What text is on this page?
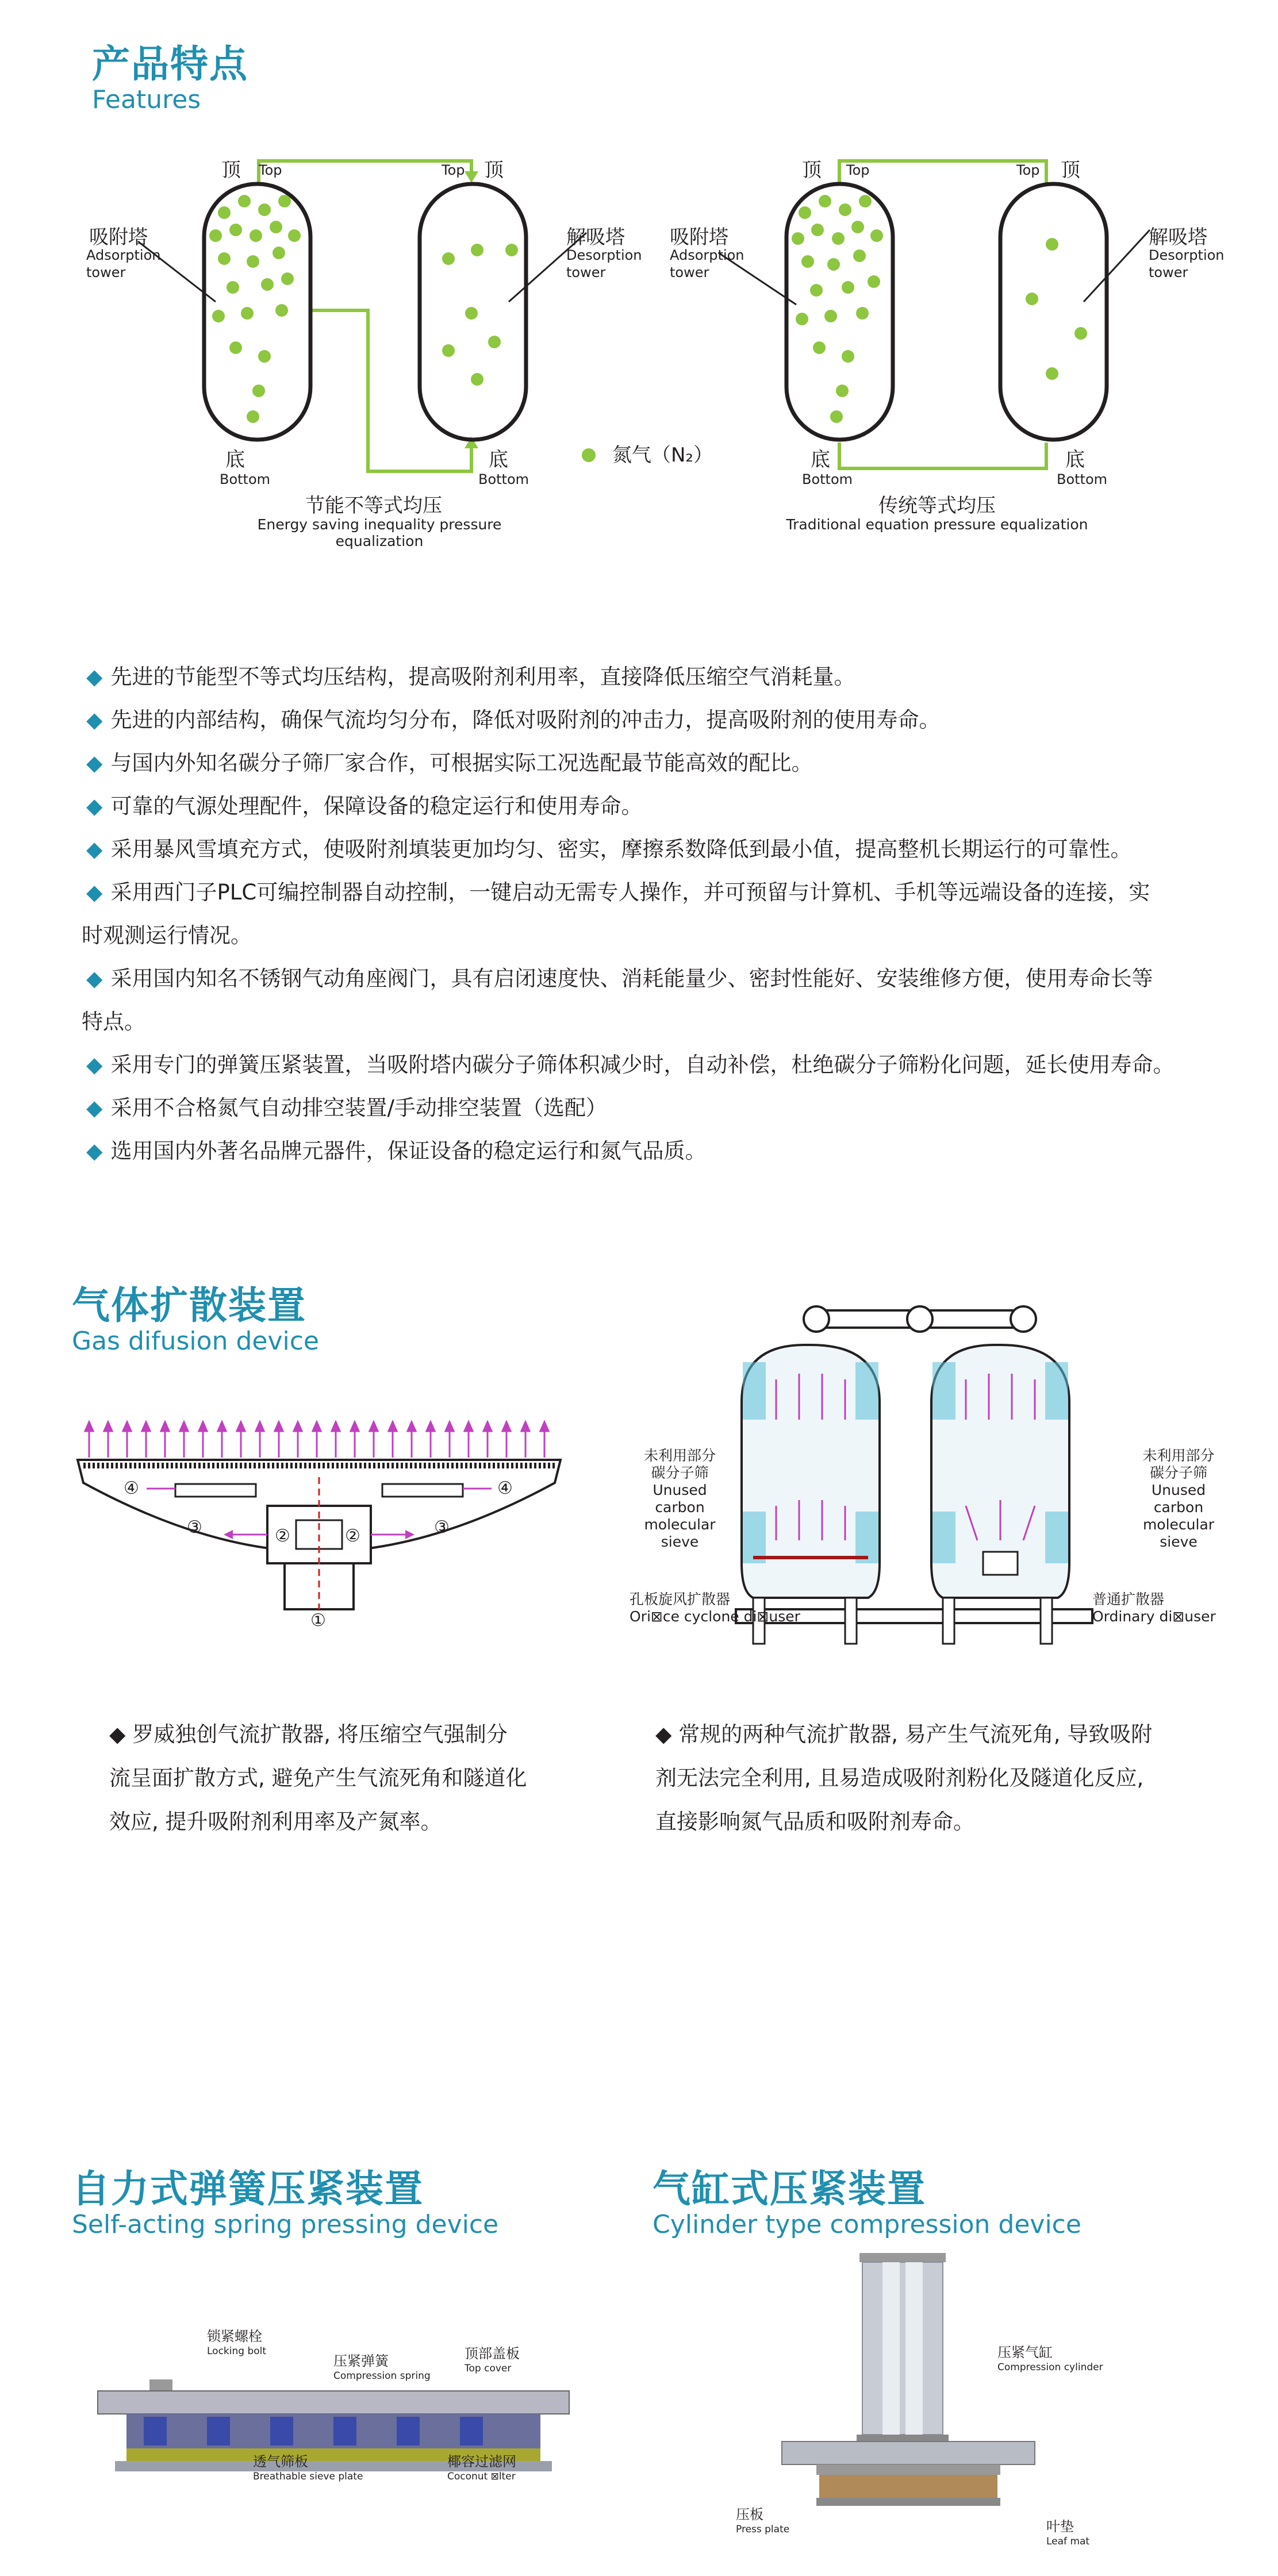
产品特点
Features
顶 Top	Top 顶
吸附塔
Adsorption
tower
解吸塔
Desorption
tower
底
Bottom
底
Bottom
节能不等式均压
Energy saving inequality pressure equalization
氮气（N₂）
顶 Top	Top 顶
吸附塔
Adsorption
tower
解吸塔
Desorption
tower
底
Bottom
底
Bottom
传统等式均压
Traditional equation pressure equalization
◆ 先进的节能型不等式均压结构，提高吸附剂利用率，直接降低压缩空气消耗量。
◆ 先进的内部结构，确保气流均匀分布，降低对吸附剂的冲击力，提高吸附剂的使用寿命。
◆ 与国内外知名碳分子筛厂家合作，可根据实际工况选配最节能高效的配比。
◆ 可靠的气源处理配件，保障设备的稳定运行和使用寿命。
◆ 采用暴风雪填充方式，使吸附剂填装更加均匀、密实，摩擦系数降低到最小值，提高整机长期运行的可靠性。
◆ 采用西门子PLC可编控制器自动控制，一键启动无需专人操作，并可预留与计算机、手机等远端设备的连接，实
时观测运行情况。
◆ 采用国内知名不锈钢气动角座阀门，具有启闭速度快、消耗能量少、密封性能好、安装维修方便，使用寿命长等
特点。
◆ 采用专门的弹簧压紧装置，当吸附塔内碳分子筛体积减少时，自动补偿，杜绝碳分子筛粉化问题，延长使用寿命。
◆ 采用不合格氮气自动排空装置/手动排空装置（选配）
◆ 选用国内外著名品牌元器件，保证设备的稳定运行和氮气品质。
气体扩散装置
Gas difusion device
①
②	②
③	③
④	④
未利用部分
碳分子筛
Unused carbon
molecular sieve
未利用部分
碳分子筛
Unused carbon
molecular sieve
孔板旋风扩散器
Ori⊠ce cyclone di⊠user
普通扩散器
Ordinary di⊠user
◆ 罗威独创气流扩散器, 将压缩空气强制分
流呈面扩散方式, 避免产生气流死角和隧道化
效应, 提升吸附剂利用率及产氮率。
◆ 常规的两种气流扩散器, 易产生气流死角, 导致吸附
剂无法完全利用, 且易造成吸附剂粉化及隧道化反应,
直接影响氮气品质和吸附剂寿命。
自力式弹簧压紧装置
Self-acting spring pressing device
气缸式压紧装置
Cylinder type compression device
锁紧螺栓
Locking bolt
压紧弹簧
Compression spring
顶部盖板
Top cover
透气筛板
Breathable sieve plate
椰容过滤网
Coconut ⊠lter
压紧气缸
Compression cylinder
压板
Press plate	叶垫
Leaf mat
